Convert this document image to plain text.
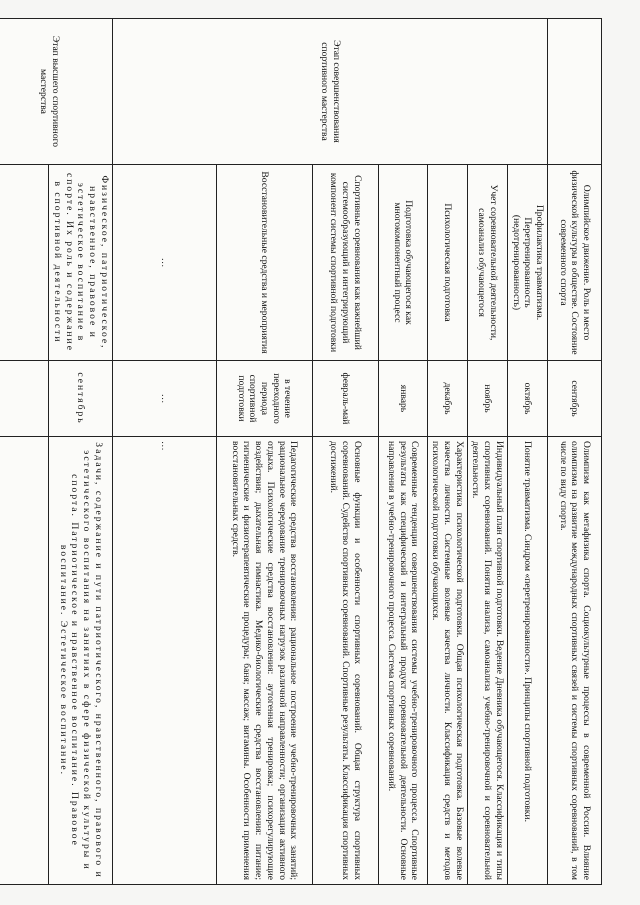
	Олимпийское движение. Роль и место физической культуры в обществе. Состояние современного спорта	сентябрь	Олимпизм как метафизика спорта. Социокультурные процессы в современной России. Влияние олимпизма на развитие международных спортивных связей и системы спортивных соревнований, в том числе по виду спорта.
Этап совершенствования спортивного мастерства	Профилактика травматизма. Перетренированность (недотренированность)	октябрь	Понятие травматизма. Синдром «перетренированности». Принципы спортивной подготовки.
	Учет соревновательной деятельности, самоанализ обучающегося	ноябрь	Индивидуальный план спортивной подготовки. Ведение Дневника обучающегося. Классификация и типы спортивных соревнований. Понятия анализа, самоанализа учебно-тренировочной и соревновательной деятельности.
	Психологическая подготовка	декабрь	Характеристика психологической подготовки. Общая психологическая подготовка. Базовые волевые качества личности. Системные волевые качества личности. Классификация средств и методов психологической подготовки обучающихся.
	Подготовка обучающегося как многокомпонентный процесс	январь	Современные тенденции совершенствования системы учебно-тренировочного процесса. Спортивные результаты как специфический и интегральный продукт соревновательной деятельности. Основные направления в учебно-тренировочного процесса. Система спортивных соревнований.
	Спортивные соревнования как важнейший системообразующий и интегрирующий компонент системы спортивной подготовки	февраль-май	Основные функции и особенности спортивных соревнований. Общая структура спортивных соревнований. Судейство спортивных соревнований. Спортивные результаты. Классификация спортивных достижений.
	Восстановительные средства и мероприятия	в течение переходного периода спортивной подготовки	Педагогические средства восстановления: рациональное построение учебно-тренировочных занятий; рациональное чередование тренировочных нагрузок различной направленности; организация активного отдыха. Психологические средства восстановления: аутогенная тренировка; психорегулирующие воздействия; дыхательная гимнастика. Медико-биологические средства восстановления: питание; гигиенические и физиотерапевтические процедуры; баня; массаж; витамины. Особенности применения восстановительных средств.
	…	…	…
Этап высшего спортивного мастерства	Физическое, патриотическое, нравственное, правовое и эстетическое воспитание в спорте. Их роль и содержание в спортивной деятельности	сентябрь	Задачи, содержание и пути патриотического, нравственного, правового и эстетического воспитания на занятиях в сфере физической культуры и спорта. Патриотическое и нравственное воспитание. Правовое воспитание. Эстетическое воспитание.
